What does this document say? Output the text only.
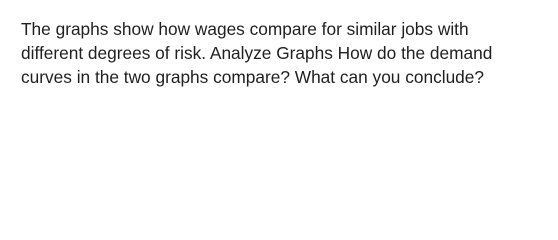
The graphs show how wages compare for similar jobs with
different degrees of risk. Analyze Graphs How do the demand
curves in the two graphs compare? What can you conclude?
